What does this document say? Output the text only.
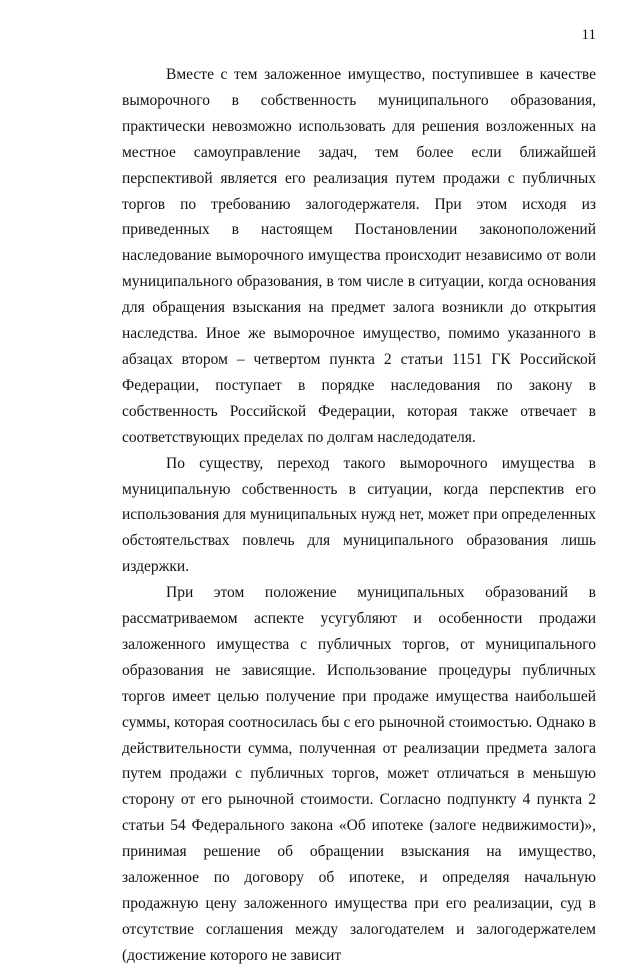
11

Вместе с тем заложенное имущество, поступившее в качестве выморочного в собственность муниципального образования, практически невозможно использовать для решения возложенных на местное самоуправление задач, тем более если ближайшей перспективой является его реализация путем продажи с публичных торгов по требованию залогодержателя. При этом исходя из приведенных в настоящем Постановлении законоположений наследование выморочного имущества происходит независимо от воли муниципального образования, в том числе в ситуации, когда основания для обращения взыскания на предмет залога возникли до открытия наследства. Иное же выморочное имущество, помимо указанного в абзацах втором – четвертом пункта 2 статьи 1151 ГК Российской Федерации, поступает в порядке наследования по закону в собственность Российской Федерации, которая также отвечает в соответствующих пределах по долгам наследодателя.

По существу, переход такого выморочного имущества в муниципальную собственность в ситуации, когда перспектив его использования для муниципальных нужд нет, может при определенных обстоятельствах повлечь для муниципального образования лишь издержки.

При этом положение муниципальных образований в рассматриваемом аспекте усугубляют и особенности продажи заложенного имущества с публичных торгов, от муниципального образования не зависящие. Использование процедуры публичных торгов имеет целью получение при продаже имущества наибольшей суммы, которая соотносилась бы с его рыночной стоимостью. Однако в действительности сумма, полученная от реализации предмета залога путем продажи с публичных торгов, может отличаться в меньшую сторону от его рыночной стоимости. Согласно подпункту 4 пункта 2 статьи 54 Федерального закона «Об ипотеке (залоге недвижимости)», принимая решение об обращении взыскания на имущество, заложенное по договору об ипотеке, и определяя начальную продажную цену заложенного имущества при его реализации, суд в отсутствие соглашения между залогодателем и залогодержателем (достижение которого не зависит
